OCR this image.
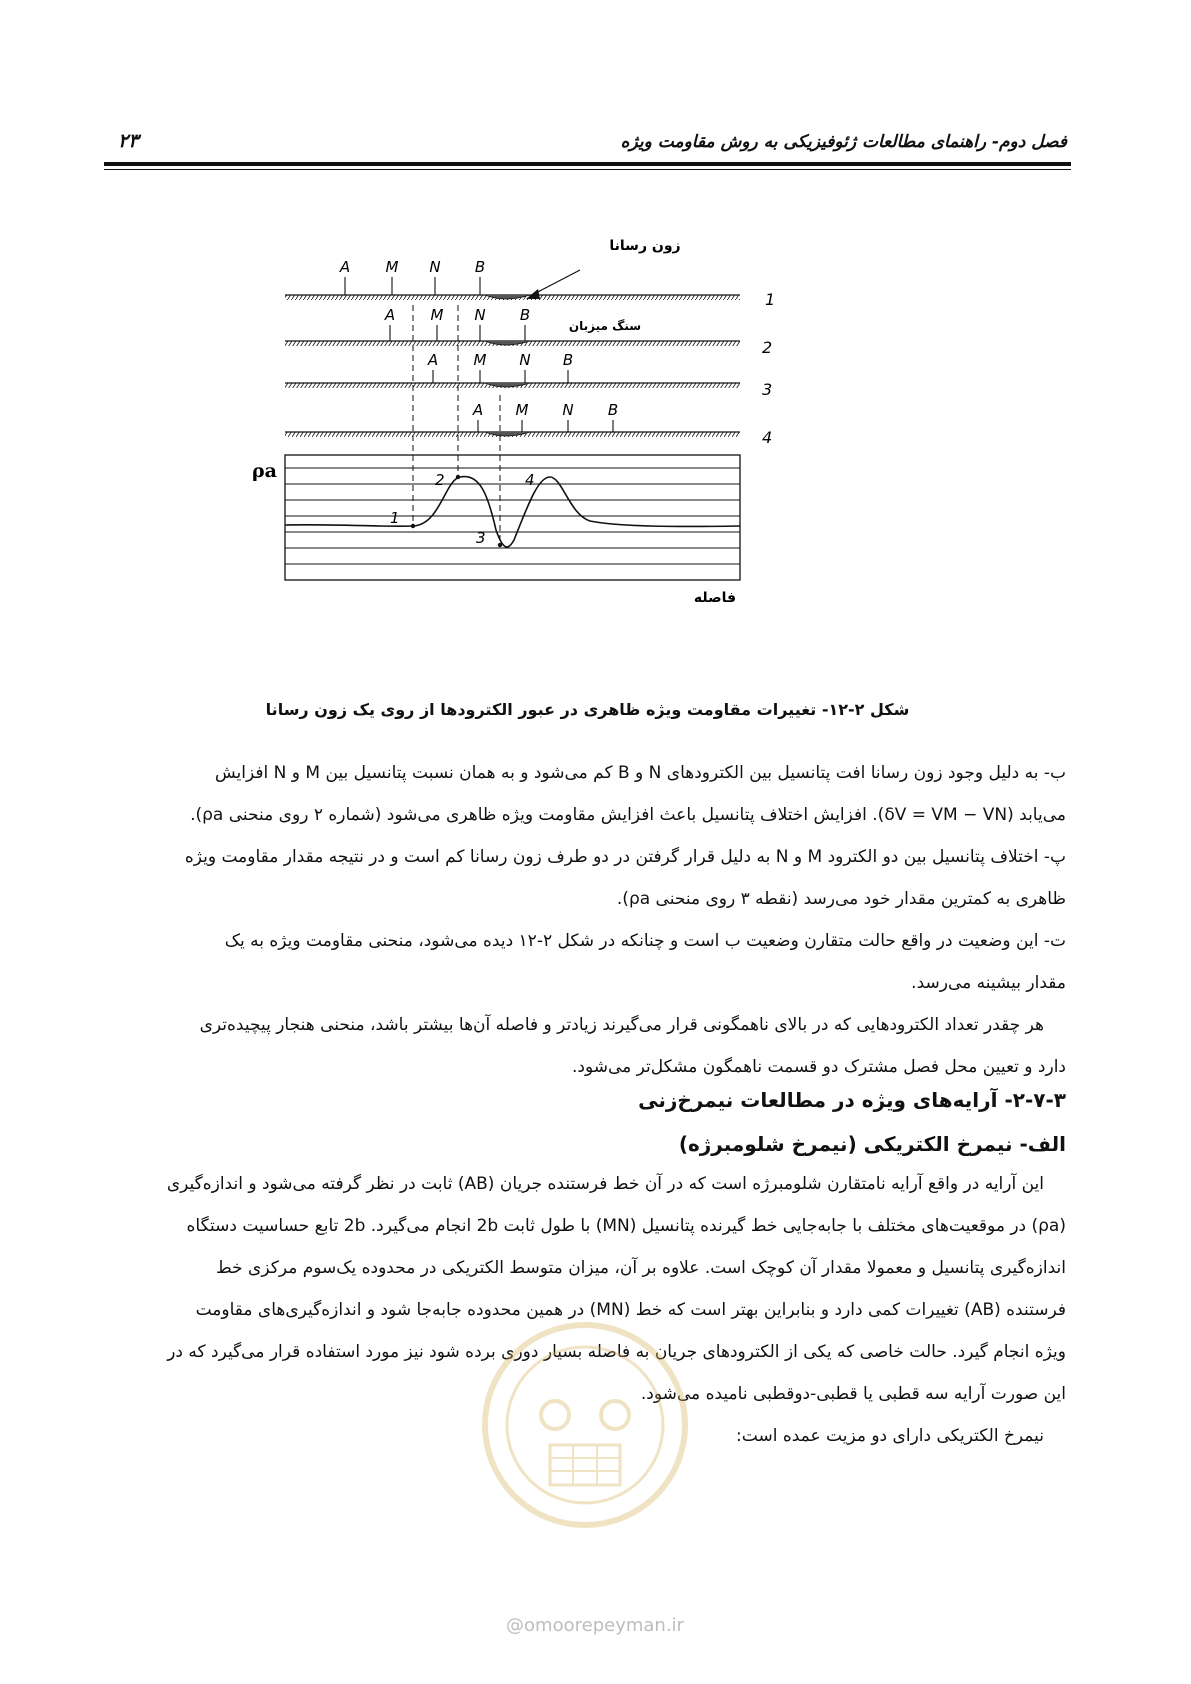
فصل دوم- راهنمای مطالعات ژئوفیزیکی به روش مقاومت ویژه
۲۳
زون رسانا
سنگ میزبان
1
2
3
4
A M N B
A M N B
A M N B
A M N B
ρa
1
2
3
4
فاصله
شکل ۲-۱۲- تغییرات مقاومت ویژه ظاهری در عبور الکترودها از روی یک زون رسانا

ب- به دلیل وجود زون رسانا افت پتانسیل بین الکترودهای N و B کم می‌شود و به همان نسبت پتانسیل بین M و N افزایش

می‌یابد (δV = VM − VN). افزایش اختلاف پتانسیل باعث افزایش مقاومت ویژه ظاهری می‌شود (شماره ۲ روی منحنی ρa).

پ- اختلاف پتانسیل بین دو الکترود M و N به دلیل قرار گرفتن در دو طرف زون رسانا کم است و در نتیجه مقدار مقاومت ویژه

ظاهری به کمترین مقدار خود می‌رسد (نقطه ۳ روی منحنی ρa).

ت- این وضعیت در واقع حالت متقارن وضعیت ب است و چنانکه در شکل ۲-۱۲ دیده می‌شود، منحنی مقاومت ویژه به یک

مقدار بیشینه می‌رسد.

هر چقدر تعداد الکترودهایی که در بالای ناهمگونی قرار می‌گیرند زیادتر و فاصله آن‌ها بیشتر باشد، منحنی هنجار پیچیده‌تری

دارد و تعیین محل فصل مشترک دو قسمت ناهمگون مشکل‌تر می‌شود.

۲-۷-۳- آرایه‌های ویژه در مطالعات نیمرخ‌زنی
الف- نیمرخ الکتریکی (نیمرخ شلومبرژه)

این آرایه در واقع آرایه نامتقارن شلومبرژه است که در آن خط فرستنده جریان (AB) ثابت در نظر گرفته می‌شود و اندازه‌گیری

(ρa) در موقعیت‌های مختلف با جابه‌جایی خط گیرنده پتانسیل (MN) با طول ثابت 2b انجام می‌گیرد. 2b تابع حساسیت دستگاه

اندازه‌گیری پتانسیل و معمولا مقدار آن کوچک است. علاوه بر آن، میزان متوسط الکتریکی در محدوده یک‌سوم مرکزی خط

فرستنده (AB) تغییرات کمی دارد و بنابراین بهتر است که خط (MN) در همین محدوده جابه‌جا شود و اندازه‌گیری‌های مقاومت

ویژه انجام گیرد. حالت خاصی که یکی از الکترودهای جریان به فاصله بسیار دوری برده شود نیز مورد استفاده قرار می‌گیرد که در

این صورت آرایه سه قطبی یا قطبی-دوقطبی نامیده می‌شود.

نیمرخ الکتریکی دارای دو مزیت عمده است:

@omoorepeyman.ir
